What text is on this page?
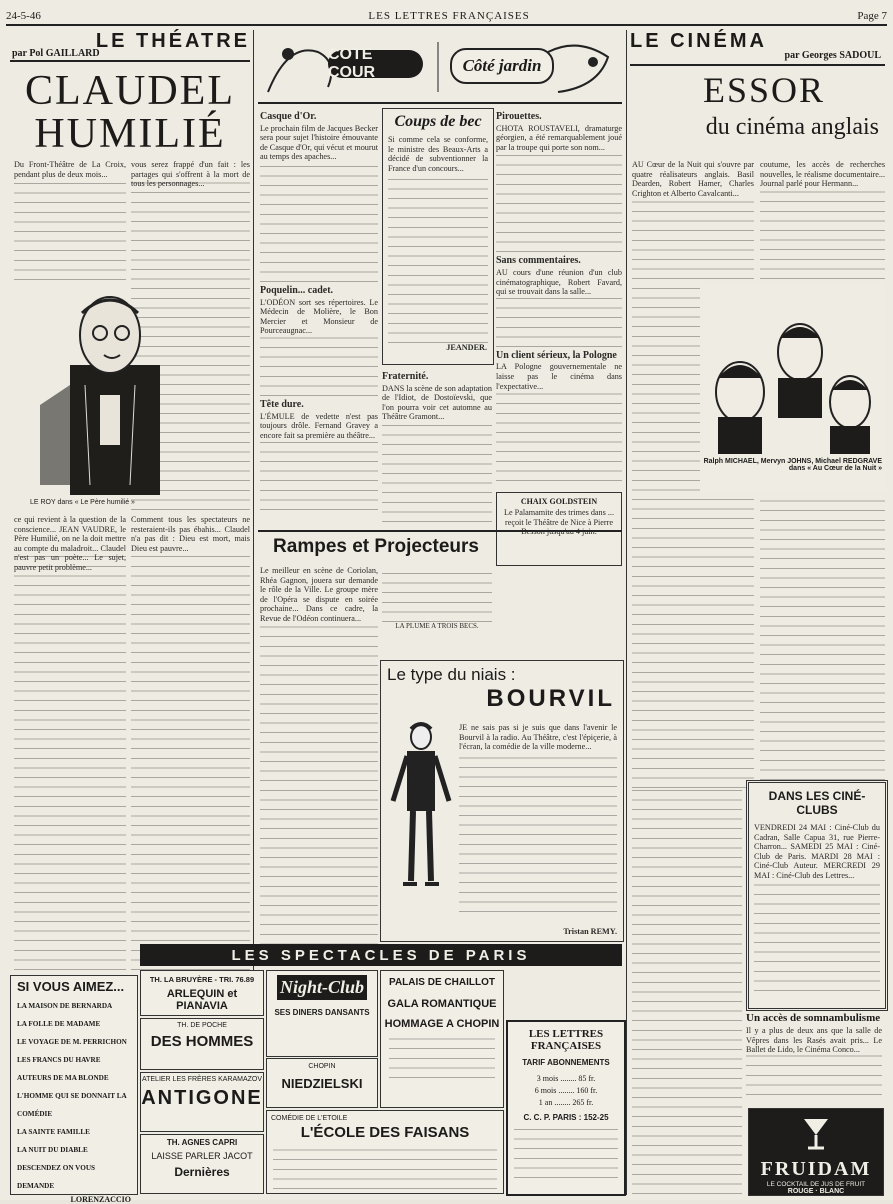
24-5-46	LES LETTRES FRANÇAISES	Page 7
LE THÉATRE
par Pol GAILLARD
CLAUDEL
HUMILIÉ
Du Front-Théâtre de La Croix, pendant plus de deux mois...
vous serez frappé d'un fait : les partages qui s'offrent à la mort de tous les personnages...
LE ROY dans « Le Père humilié »
ce qui revient à la question de la conscience... JEAN VAUDRE, le Père Humilié, on ne la doit mettre au compte du maladroit... Claudel n'est pas un poète... Le sujet, pauvre petit problème...
Comment tous les spectateurs ne resteraient-ils pas ébahis... Claudel n'a pas dit : Dieu est mort, mais Dieu est pauvre...
COTÉ COUR	Côté jardin
Casque d'Or.
Le prochain film de Jacques Becker sera pour sujet l'histoire émouvante de Casque d'Or, qui vécut et mourut au temps des apaches...
Poquelin... cadet.
L'ODÉON sort ses répertoires. Le Médecin de Molière, le Bon Mercier et Monsieur de Pourceaugnac...
Tête dure.
L'ÉMULE de vedette n'est pas toujours drôle. Fernand Gravey a encore fait sa première au théâtre...
Coups de bec
Si comme cela se conforme, le ministre des Beaux-Arts a décidé de subventionner la France d'un concours...
JEANDER.
Fraternité.
DANS la scène de son adaptation de l'Idiot, de Dostoïevski, que l'on pourra voir cet automne au Théâtre Gramont...
Pirouettes.
CHOTA ROUSTAVELI, dramaturge géorgien, a été remarquablement joué par la troupe qui porte son nom...
Sans commentaires.
AU cours d'une réunion d'un club cinématographique, Robert Favard, qui se trouvait dans la salle...
Un client sérieux, la Pologne
LA Pologne gouvernementale ne laisse pas le cinéma dans l'expectative...
CHAIX GOLDSTEIN
Le Palamamite des trimes dans ... reçoit le Théâtre de Nice à Pierre
Rampes et Projecteurs
Le meilleur en scène de Coriolan, Rhéa Gagnon, jouera sur demande le rôle de la Ville. Le groupe mère de l'Opéra se dispute en soirée prochaine... Dans ce cadre, la Revue de l'Odéon continuera...
LA PLUME A TROIS BECS.
Le type du niais :
BOURVIL
JE ne sais pas si je suis que dans l'avenir le Bourvil à la radio. Au Théâtre, c'est l'épiçerie, à l'écran, la comédie de la ville moderne...
Tristan REMY.
LES SPECTACLES DE PARIS
SI VOUS AIMEZ...
LA MAISON DE BERNARDA
LA FOLLE DE MADAME
LE VOYAGE DE M. PERRICHON
LES FRANCS DU HAVRE
AUTEURS DE MA BLONDE
L'HOMME QUI SE DONNAIT LA COMÉDIE
LA SAINTE FAMILLE
LA NUIT DU DIABLE
DESCENDEZ ON VOUS DEMANDE
LORENZACCIO
TH. LA BRUYÈRE - TRI. 76.89
ARLEQUIN et PIANAVIA
TH. DE POCHE
DES HOMMES
ATELIER LES FRÈRES KARAMAZOV
ANTIGONE
TH. AGNES CAPRI
LAISSE PARLER JACOT
Dernières
Night-Club
SES DINERS DANSANTS
CHOPIN
NIEDZIELSKI
COMÉDIE DE L'ETOILE
L'ÉCOLE DES FAISANS
PALAIS DE CHAILLOT
GALA ROMANTIQUE
HOMMAGE A CHOPIN
LES LETTRES FRANÇAISES
TARIF ABONNEMENTS
3 mois ........ 85 fr.
6 mois ........ 160 fr.
1 an ........ 265 fr.
C. C. P. PARIS : 152-25
LE CINÉMA
par Georges SADOUL
ESSOR
du cinéma anglais
AU Cœur de la Nuit qui s'ouvre par quatre réalisateurs anglais. Basil Dearden, Robert Hamer, Charles Crighton et Alberto Cavalcanti...
coutume, les accès de recherches nouvelles, le réalisme documentaire... Journal parlé pour Hermann...
Ralph MICHAEL, Mervyn JOHNS, Michael REDGRAVE dans « Au Cœur de la Nuit »
DANS LES CINÉ-CLUBS
VENDREDI 24 MAI : Ciné-Club du Cadran, Salle Capua 31, rue Pierre-Charron... SAMEDI 25 MAI : Ciné-Club de Paris. MARDI 28 MAI : Ciné-Club Auteur. MERCREDI 29 MAI : Ciné-Club des Lettres...
Un accès de somnambulisme
Il y a plus de deux ans que la salle de Vêpres dans les Rasés avait pris... Le Ballet de Lido, le Cinéma Conco...
FRUIDAM
LE COCKTAIL DE JUS DE FRUIT
ROUGE · BLANC
